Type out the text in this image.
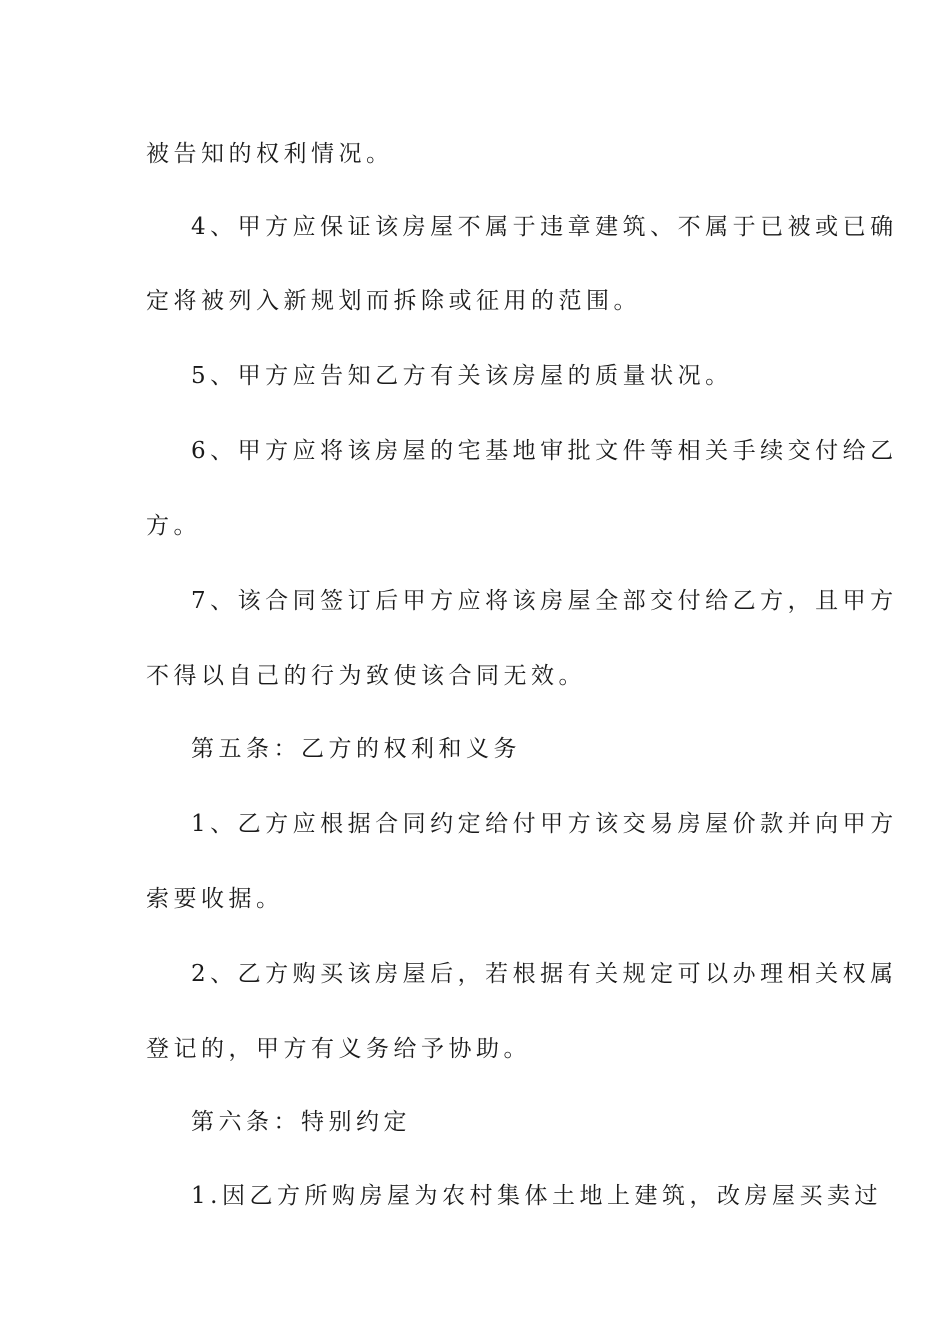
被告知的权利情况。
4、甲方应保证该房屋不属于违章建筑、不属于已被或已确
定将被列入新规划而拆除或征用的范围。
5、甲方应告知乙方有关该房屋的质量状况。
6、甲方应将该房屋的宅基地审批文件等相关手续交付给乙
方。
7、该合同签订后甲方应将该房屋全部交付给乙方，且甲方
不得以自己的行为致使该合同无效。
第五条：乙方的权利和义务
1、乙方应根据合同约定给付甲方该交易房屋价款并向甲方
索要收据。
2、乙方购买该房屋后，若根据有关规定可以办理相关权属
登记的，甲方有义务给予协助。
第六条：特别约定
1.因乙方所购房屋为农村集体土地上建筑，改房屋买卖过
